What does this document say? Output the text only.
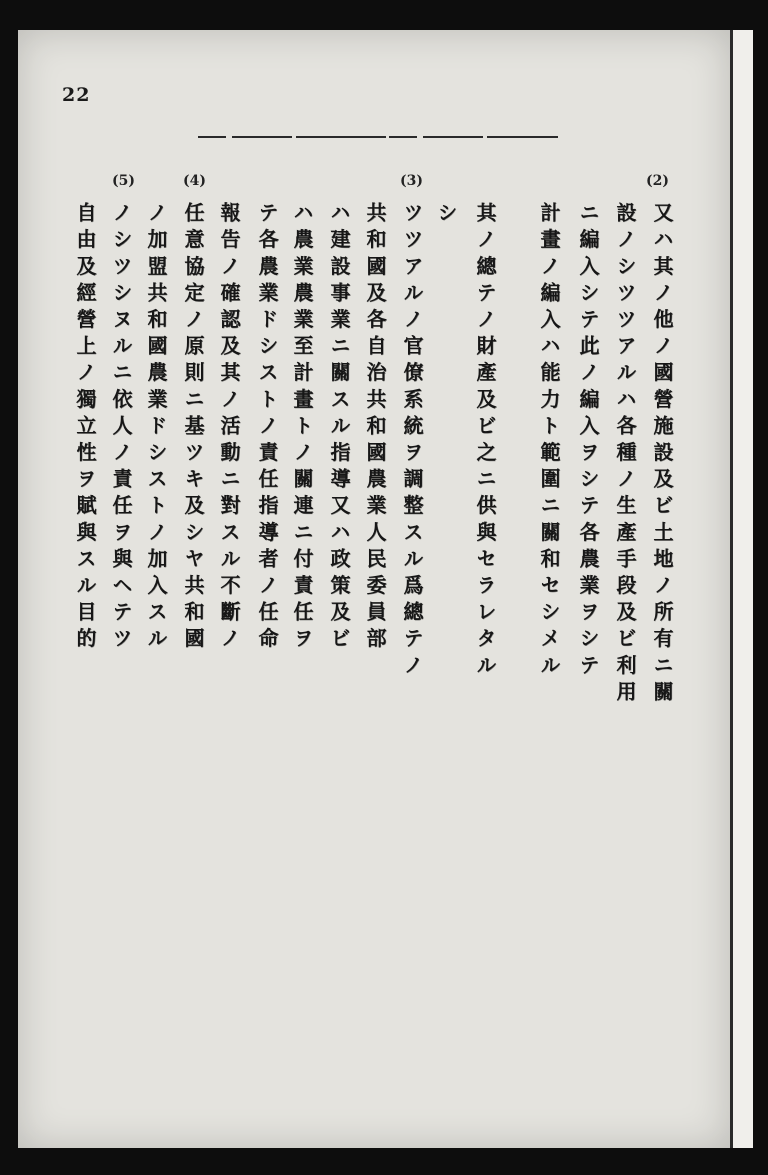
22
(5)	(4)	(3)	(2)
又ハ其ノ他ノ國營施設及ビ土地ノ所有ニ關
設ノシツツアルハ各種ノ生產手段及ビ利用
ニ編入シテ此ノ編入ヲシテ各農業ヲシテ
計畫ノ編入ハ能力ト範圍ニ關和セシメル
其ノ總テノ財產及ビ之ニ供與セラレタル
シ
ツツアルノ官僚系統ヲ調整スル爲總テノ
共和國及各自治共和國農業人民委員部
ハ建設事業ニ關スル指導又ハ政策及ビ
ハ農業農業至計畫トノ關連ニ付責任ヲ
テ各農業ドシストノ責任指導者ノ任命
報告ノ確認及其ノ活動ニ對スル不斷ノ
任意協定ノ原則ニ基ツキ及シヤ共和國
ノ加盟共和國農業ドシストノ加入スル
ノシツシヌルニ依人ノ責任ヲ與ヘテツ
自由及經營上ノ獨立性ヲ賦與スル目的
